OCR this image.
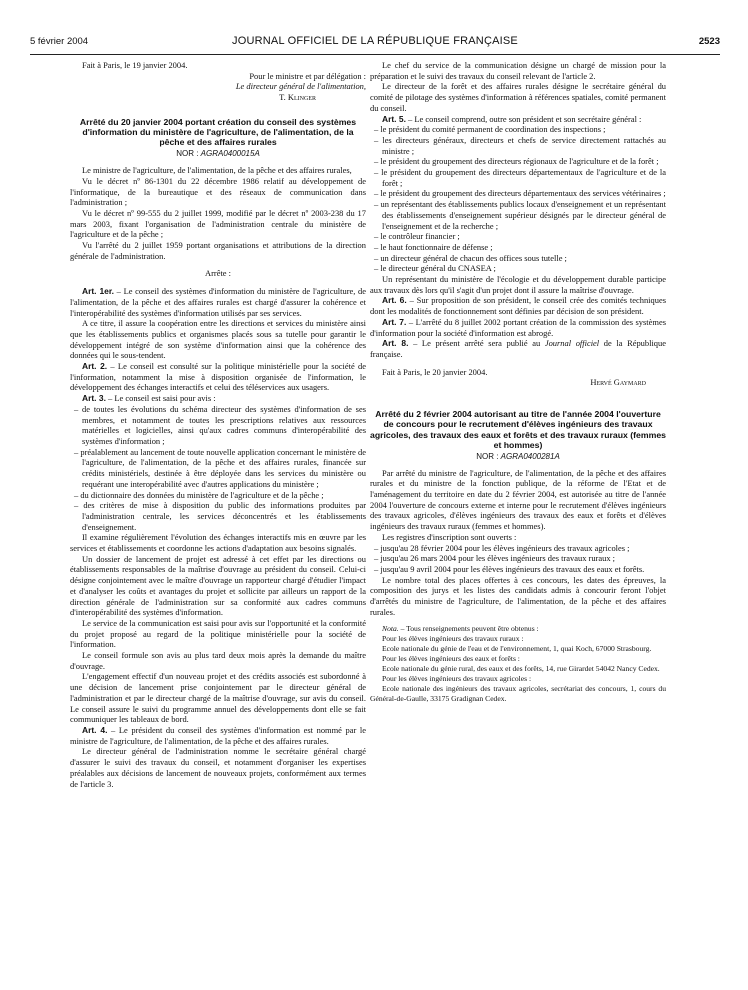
5 février 2004	JOURNAL OFFICIEL DE LA RÉPUBLIQUE FRANÇAISE	2523

Fait à Paris, le 19 janvier 2004.

Pour le ministre et par délégation :

Le directeur général de l'alimentation,

T. Klinger

Arrêté du 20 janvier 2004 portant création du conseil des systèmes d'information du ministère de l'agriculture, de l'alimentation, de la pêche et des affaires rurales

NOR : AGRA0400015A

Le ministre de l'agriculture, de l'alimentation, de la pêche et des affaires rurales,

Vu le décret nº 86-1301 du 22 décembre 1986 relatif au développement de l'informatique, de la bureautique et des réseaux de communication dans l'administration ;

Vu le décret nº 99-555 du 2 juillet 1999, modifié par le décret nº 2003-238 du 17 mars 2003, fixant l'organisation de l'administration centrale du ministère de l'agriculture et de la pêche ;

Vu l'arrêté du 2 juillet 1959 portant organisations et attributions de la direction générale de l'administration.

Arrête :

Art. 1er. – Le conseil des systèmes d'information du ministère de l'agriculture, de l'alimentation, de la pêche et des affaires rurales est chargé d'assurer la cohérence et l'interopérabilité des systèmes d'information utilisés par ses services.

A ce titre, il assure la coopération entre les directions et services du ministère ainsi que les établissements publics et organismes placés sous sa tutelle pour garantir le développement intégré de son système d'information ainsi que la cohérence des données qui le sous-tendent.

Art. 2. – Le conseil est consulté sur la politique ministérielle pour la société de l'information, notamment la mise à disposition organisée de l'information, le développement des échanges interactifs et celui des téléservices aux usagers.

Art. 3. – Le conseil est saisi pour avis :

– de toutes les évolutions du schéma directeur des systèmes d'information de ses membres, et notamment de toutes les prescriptions relatives aux ressources matérielles et logicielles, ainsi qu'aux cadres communs d'interopérabilité des systèmes d'information ;
– préalablement au lancement de toute nouvelle application concernant le ministère de l'agriculture, de l'alimentation, de la pêche et des affaires rurales, financée sur crédits ministériels, destinée à être déployée dans les services du ministère ou requérant une interopérabilité avec d'autres applications du ministère ;
– du dictionnaire des données du ministère de l'agriculture et de la pêche ;
– des critères de mise à disposition du public des informations produites par l'administration centrale, les services déconcentrés et les établissements d'enseignement.

Il examine régulièrement l'évolution des échanges interactifs mis en œuvre par les services et établissements et coordonne les actions d'adaptation aux besoins signalés.

Un dossier de lancement de projet est adressé à cet effet par les directions ou établissements responsables de la maîtrise d'ouvrage au président du conseil. Celui-ci désigne conjointement avec le maître d'ouvrage un rapporteur chargé d'étudier l'impact et d'analyser les coûts et avantages du projet et sollicite par ailleurs un rapport de la direction générale de l'administration sur sa conformité aux cadres communs d'interopérabilité des systèmes d'information.

Le service de la communication est saisi pour avis sur l'opportunité et la conformité du projet proposé au regard de la politique ministérielle pour la société de l'information.

Le conseil formule son avis au plus tard deux mois après la demande du maître d'ouvrage.

L'engagement effectif d'un nouveau projet et des crédits associés est subordonné à une décision de lancement prise conjointement par le directeur général de l'administration et par le directeur chargé de la maîtrise d'ouvrage, sur avis du conseil. Le conseil assure le suivi du programme annuel des développements dont elle se fait communiquer les tableaux de bord.

Art. 4. – Le président du conseil des systèmes d'information est nommé par le ministre de l'agriculture, de l'alimentation, de la pêche et des affaires rurales.

Le directeur général de l'administration nomme le secrétaire général chargé d'assurer le suivi des travaux du conseil, et notamment d'organiser les expertises préalables aux décisions de lancement de nouveaux projets, conformément aux termes de l'article 3.

Le chef du service de la communication désigne un chargé de mission pour la préparation et le suivi des travaux du conseil relevant de l'article 2.

Le directeur de la forêt et des affaires rurales désigne le secrétaire général du comité de pilotage des systèmes d'information à références spatiales, comité permanent du conseil.

Art. 5. – Le conseil comprend, outre son président et son secrétaire général :

– le président du comité permanent de coordination des inspections ;
– les directeurs généraux, directeurs et chefs de service directement rattachés au ministre ;
– le président du groupement des directeurs régionaux de l'agriculture et de la forêt ;
– le président du groupement des directeurs départementaux de l'agriculture et de la forêt ;
– le président du groupement des directeurs départementaux des services vétérinaires ;
– un représentant des établissements publics locaux d'enseignement et un représentant des établissements d'enseignement supérieur désignés par le directeur général de l'enseignement et de la recherche ;
– le contrôleur financier ;
– le haut fonctionnaire de défense ;
– un directeur général de chacun des offices sous tutelle ;
– le directeur général du CNASEA ;

Un représentant du ministère de l'écologie et du développement durable participe aux travaux dès lors qu'il s'agit d'un projet dont il assure la maîtrise d'ouvrage.

Art. 6. – Sur proposition de son président, le conseil crée des comités techniques dont les modalités de fonctionnement sont définies par décision de son président.

Art. 7. – L'arrêté du 8 juillet 2002 portant création de la commission des systèmes d'information pour la société d'information est abrogé.

Art. 8. – Le présent arrêté sera publié au Journal officiel de la République française.

Fait à Paris, le 20 janvier 2004.

Hervé Gaymard

Arrêté du 2 février 2004 autorisant au titre de l'année 2004 l'ouverture de concours pour le recrutement d'élèves ingénieurs des travaux agricoles, des travaux des eaux et forêts et des travaux ruraux (femmes et hommes)

NOR : AGRA0400281A

Par arrêté du ministre de l'agriculture, de l'alimentation, de la pêche et des affaires rurales et du ministre de la fonction publique, de la réforme de l'Etat et de l'aménagement du territoire en date du 2 février 2004, est autorisée au titre de l'année 2004 l'ouverture de concours externe et interne pour le recrutement d'élèves ingénieurs des travaux agricoles, d'élèves ingénieurs des travaux des eaux et forêts et d'élèves ingénieurs des travaux ruraux (femmes et hommes).

Les registres d'inscription sont ouverts :

– jusqu'au 28 février 2004 pour les élèves ingénieurs des travaux agricoles ;
– jusqu'au 26 mars 2004 pour les élèves ingénieurs des travaux ruraux ;
– jusqu'au 9 avril 2004 pour les élèves ingénieurs des travaux des eaux et forêts.

Le nombre total des places offertes à ces concours, les dates des épreuves, la composition des jurys et les listes des candidats admis à concourir feront l'objet d'arrêtés du ministre de l'agriculture, de l'alimentation, de la pêche et des affaires rurales.

Nota. – Tous renseignements peuvent être obtenus :

Pour les élèves ingénieurs des travaux ruraux :

Ecole nationale du génie de l'eau et de l'environnement, 1, quai Koch, 67000 Strasbourg.

Pour les élèves ingénieurs des eaux et forêts :

Ecole nationale du génie rural, des eaux et des forêts, 14, rue Girardet 54042 Nancy Cedex.

Pour les élèves ingénieurs des travaux agricoles :

Ecole nationale des ingénieurs des travaux agricoles, secrétariat des concours, 1, cours du Général-de-Gaulle, 33175 Gradignan Cedex.
